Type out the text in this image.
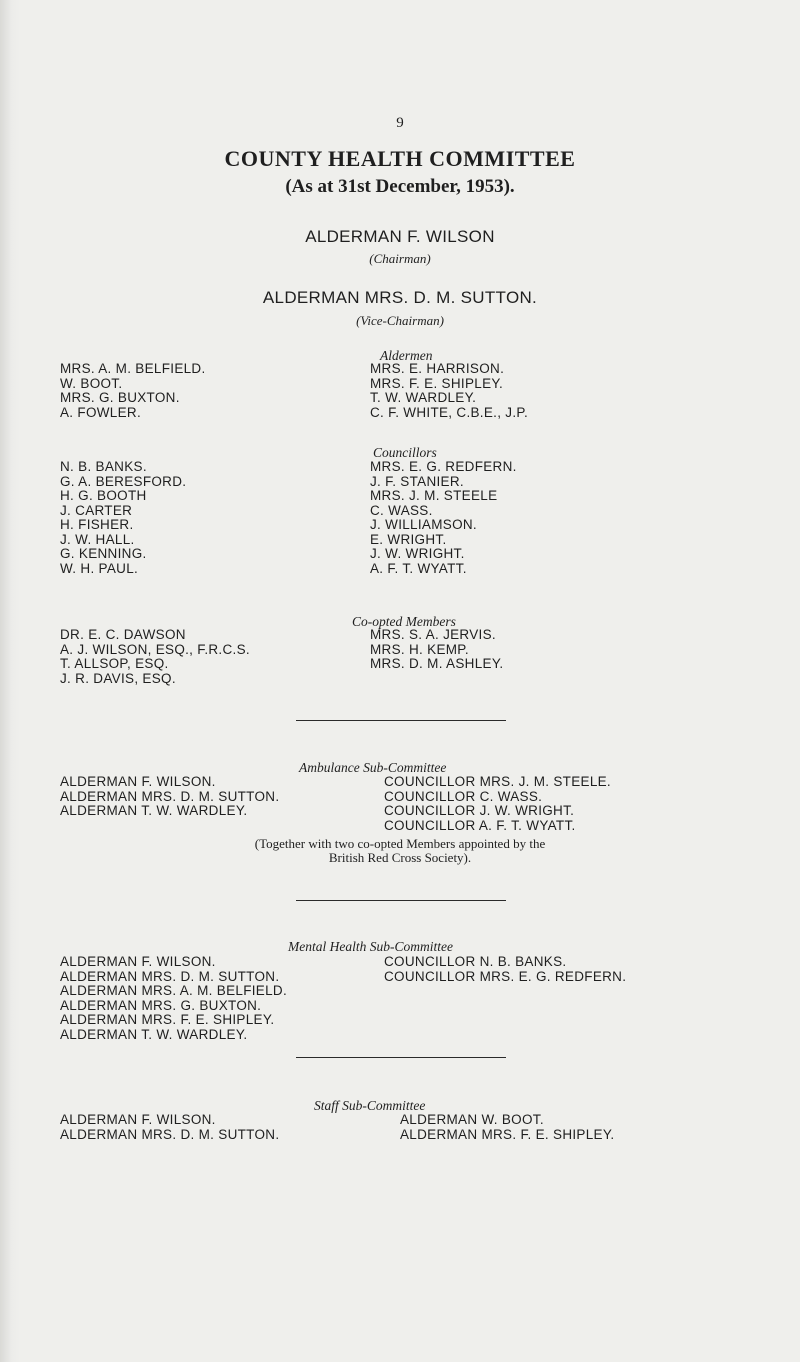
9
COUNTY HEALTH COMMITTEE
(As at 31st December, 1953).
ALDERMAN F. WILSON
(Chairman)
ALDERMAN MRS. D. M. SUTTON.
(Vice-Chairman)
Aldermen
MRS. A. M. BELFIELD.
W. BOOT.
MRS. G. BUXTON.
A. FOWLER.
MRS. E. HARRISON.
MRS. F. E. SHIPLEY.
T. W. WARDLEY.
C. F. WHITE, C.B.E., J.P.
Councillors
N. B. BANKS.
G. A. BERESFORD.
H. G. BOOTH
J. CARTER
H. FISHER.
J. W. HALL.
G. KENNING.
W. H. PAUL.
MRS. E. G. REDFERN.
J. F. STANIER.
MRS. J. M. STEELE
C. WASS.
J. WILLIAMSON.
E. WRIGHT.
J. W. WRIGHT.
A. F. T. WYATT.
Co-opted Members
DR. E. C. DAWSON
A. J. WILSON, ESQ., F.R.C.S.
T. ALLSOP, ESQ.
J. R. DAVIS, ESQ.
MRS. S. A. JERVIS.
MRS. H. KEMP.
MRS. D. M. ASHLEY.
Ambulance Sub-Committee
ALDERMAN F. WILSON.
ALDERMAN MRS. D. M. SUTTON.
ALDERMAN T. W. WARDLEY.
COUNCILLOR MRS. J. M. STEELE.
COUNCILLOR C. WASS.
COUNCILLOR J. W. WRIGHT.
COUNCILLOR A. F. T. WYATT.
(Together with two co-opted Members appointed by the
British Red Cross Society).
Mental Health Sub-Committee
ALDERMAN F. WILSON.
ALDERMAN MRS. D. M. SUTTON.
ALDERMAN MRS. A. M. BELFIELD.
ALDERMAN MRS. G. BUXTON.
ALDERMAN MRS. F. E. SHIPLEY.
ALDERMAN T. W. WARDLEY.
COUNCILLOR N. B. BANKS.
COUNCILLOR MRS. E. G. REDFERN.
Staff Sub-Committee
ALDERMAN F. WILSON.
ALDERMAN MRS. D. M. SUTTON.
ALDERMAN W. BOOT.
ALDERMAN MRS. F. E. SHIPLEY.
